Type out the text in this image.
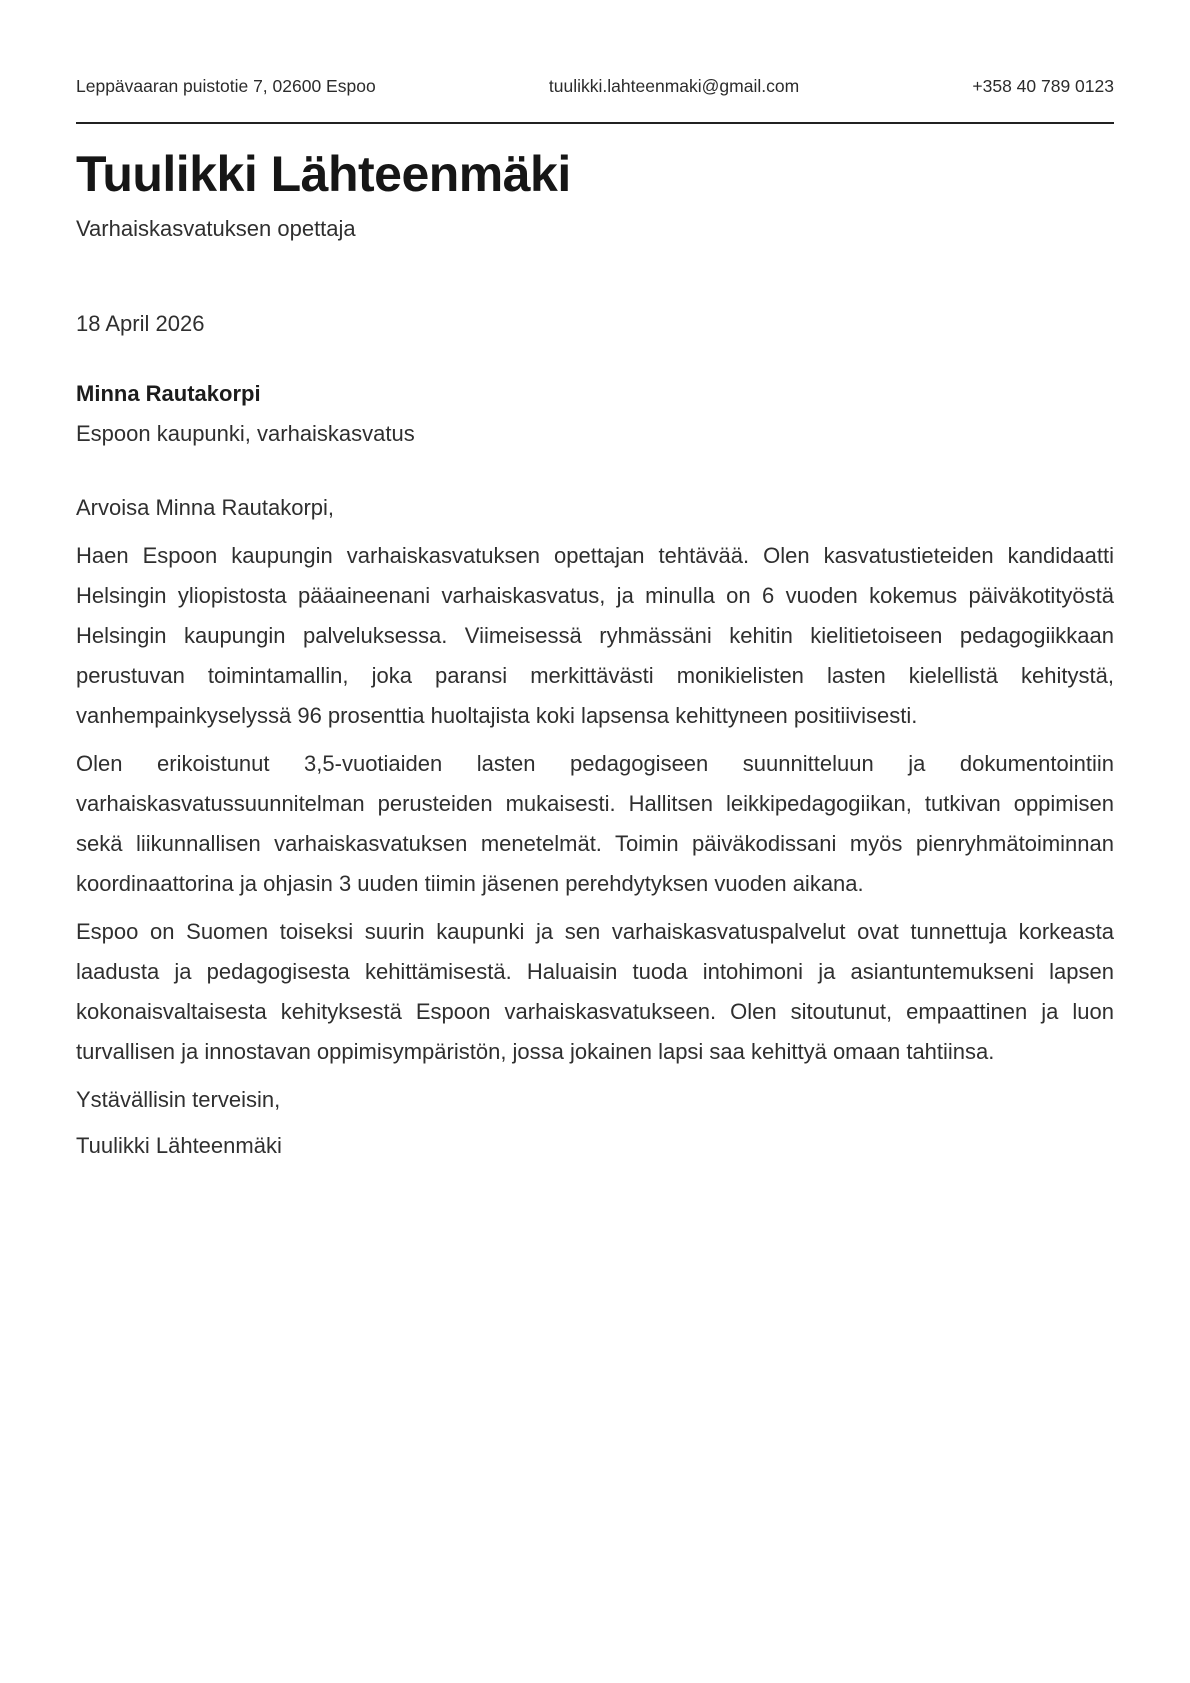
Leppävaaran puistotie 7, 02600 Espoo	tuulikki.lahteenmaki@gmail.com	+358 40 789 0123
Tuulikki Lähteenmäki
Varhaiskasvatuksen opettaja
18 April 2026
Minna Rautakorpi
Espoon kaupunki, varhaiskasvatus
Arvoisa Minna Rautakorpi,

Haen Espoon kaupungin varhaiskasvatuksen opettajan tehtävää. Olen kasvatustieteiden kandidaatti Helsingin yliopistosta pääaineenani varhaiskasvatus, ja minulla on 6 vuoden kokemus päiväkotityöstä Helsingin kaupungin palveluksessa. Viimeisessä ryhmässäni kehitin kielitietoiseen pedagogiikkaan perustuvan toimintamallin, joka paransi merkittävästi monikielisten lasten kielellistä kehitystä, vanhempainkyselyssä 96 prosenttia huoltajista koki lapsensa kehittyneen positiivisesti.

Olen erikoistunut 3,5-vuotiaiden lasten pedagogiseen suunnitteluun ja dokumentointiin varhaiskasvatussuunnitelman perusteiden mukaisesti. Hallitsen leikkipedagogiikan, tutkivan oppimisen sekä liikunnallisen varhaiskasvatuksen menetelmät. Toimin päiväkodissani myös pienryhmätoiminnan koordinaattorina ja ohjasin 3 uuden tiimin jäsenen perehdytyksen vuoden aikana.

Espoo on Suomen toiseksi suurin kaupunki ja sen varhaiskasvatuspalvelut ovat tunnettuja korkeasta laadusta ja pedagogisesta kehittämisestä. Haluaisin tuoda intohimoni ja asiantuntemukseni lapsen kokonaisvaltaisesta kehityksestä Espoon varhaiskasvatukseen. Olen sitoutunut, empaattinen ja luon turvallisen ja innostavan oppimisympäristön, jossa jokainen lapsi saa kehittyä omaan tahtiinsa.

Ystävällisin terveisin,
Tuulikki Lähteenmäki
